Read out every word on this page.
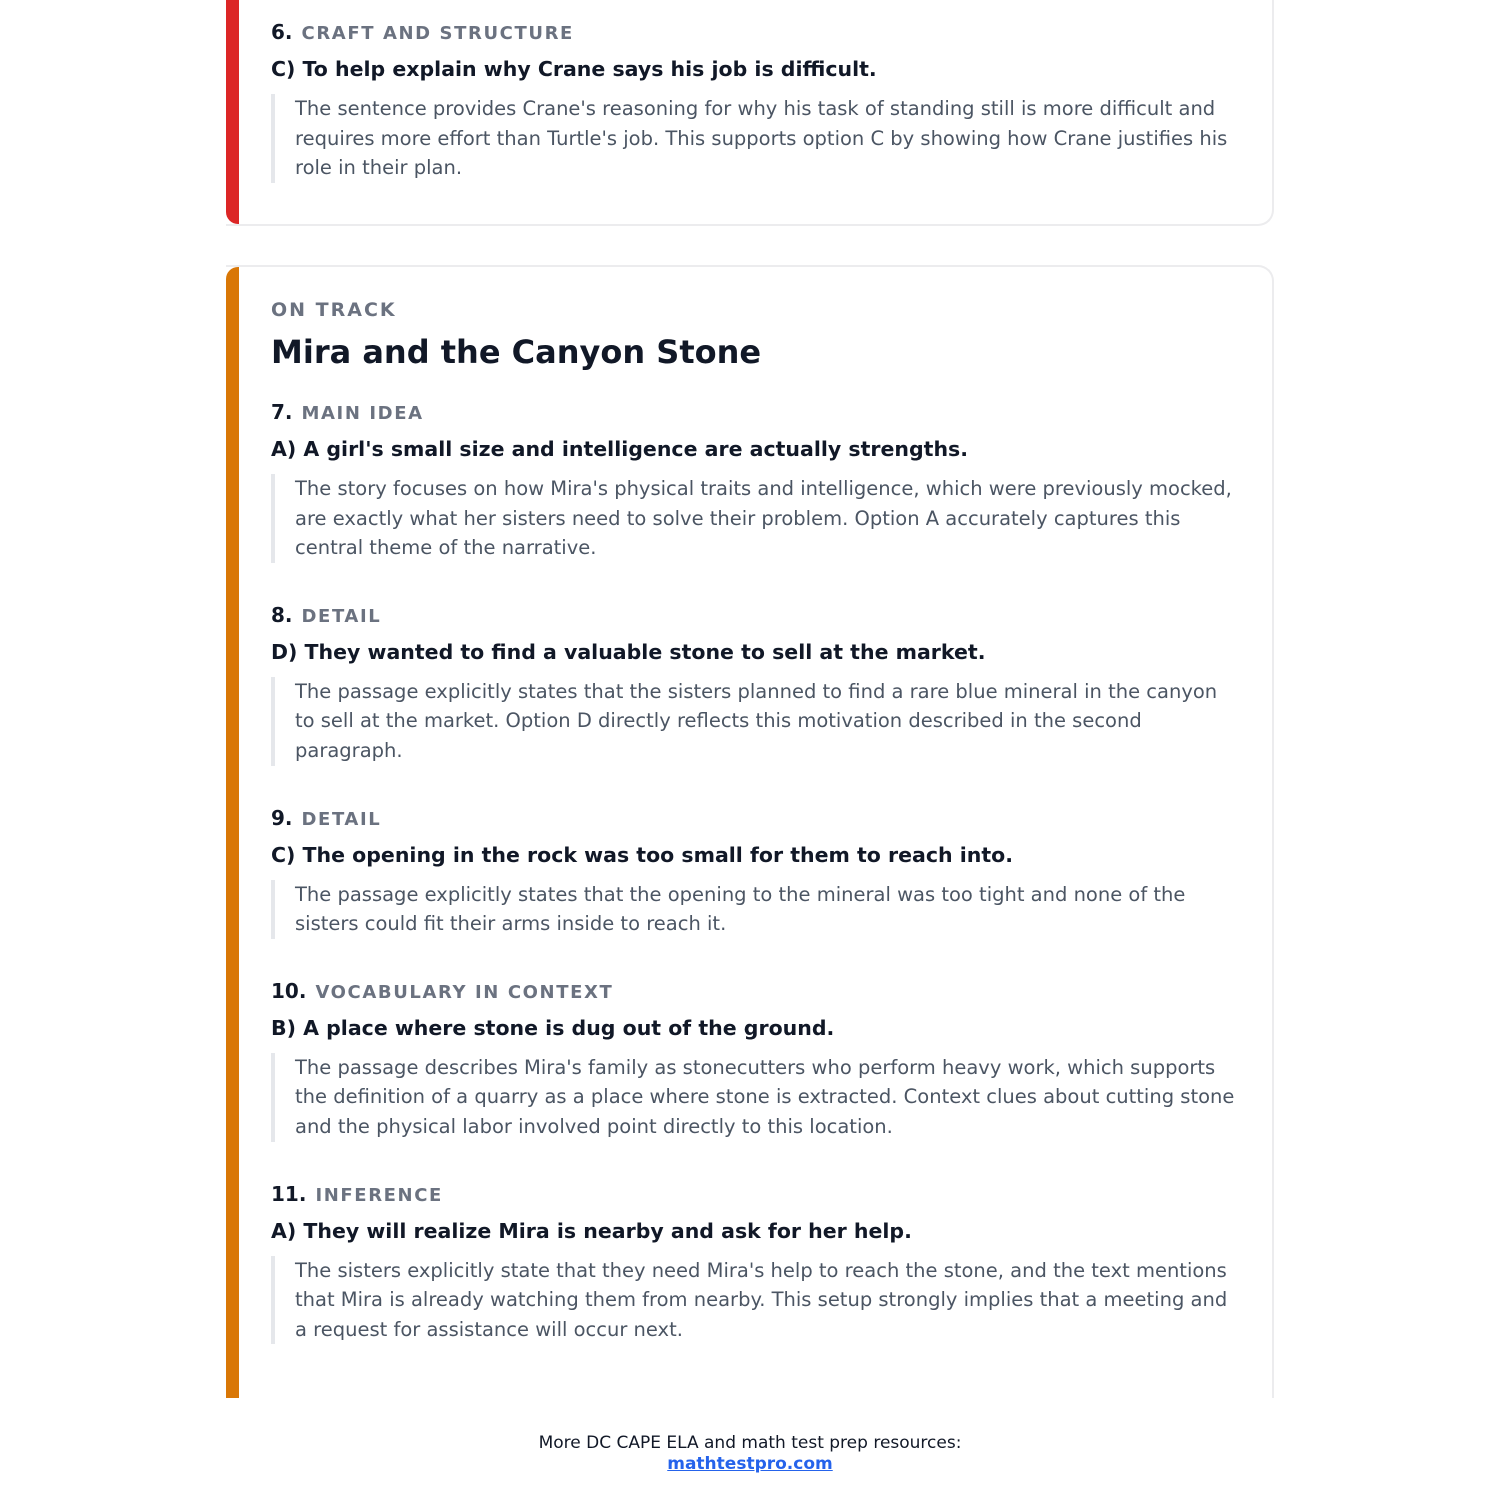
6. CRAFT AND STRUCTURE
C) To help explain why Crane says his job is difficult.
The sentence provides Crane's reasoning for why his task of standing still is more difficult and requires more effort than Turtle's job. This supports option C by showing how Crane justifies his role in their plan.
ON TRACK
Mira and the Canyon Stone
7. MAIN IDEA
A) A girl's small size and intelligence are actually strengths.
The story focuses on how Mira's physical traits and intelligence, which were previously mocked, are exactly what her sisters need to solve their problem. Option A accurately captures this central theme of the narrative.
8. DETAIL
D) They wanted to find a valuable stone to sell at the market.
The passage explicitly states that the sisters planned to find a rare blue mineral in the canyon to sell at the market. Option D directly reflects this motivation described in the second paragraph.
9. DETAIL
C) The opening in the rock was too small for them to reach into.
The passage explicitly states that the opening to the mineral was too tight and none of the sisters could fit their arms inside to reach it.
10. VOCABULARY IN CONTEXT
B) A place where stone is dug out of the ground.
The passage describes Mira's family as stonecutters who perform heavy work, which supports the definition of a quarry as a place where stone is extracted. Context clues about cutting stone and the physical labor involved point directly to this location.
11. INFERENCE
A) They will realize Mira is nearby and ask for her help.
The sisters explicitly state that they need Mira's help to reach the stone, and the text mentions that Mira is already watching them from nearby. This setup strongly implies that a meeting and a request for assistance will occur next.
More DC CAPE ELA and math test prep resources:
mathtestpro.com
